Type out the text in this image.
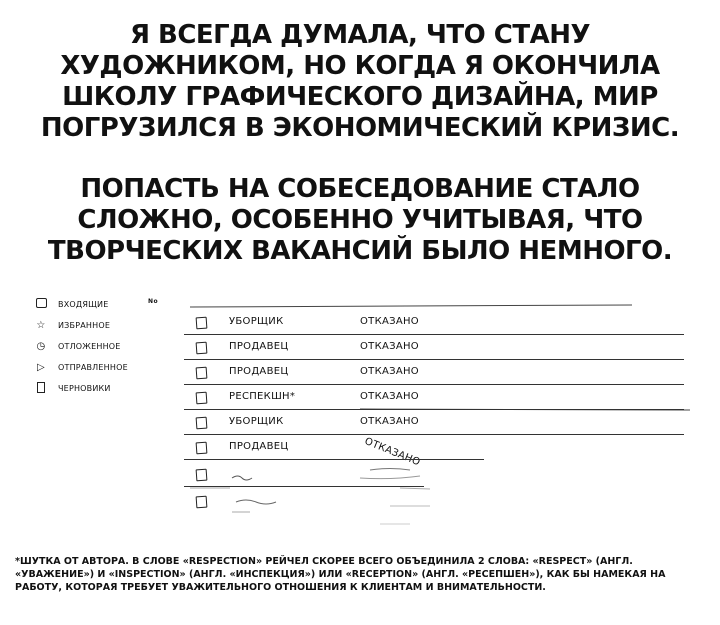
Я ВСЕГДА ДУМАЛА, ЧТО СТАНУ ХУДОЖНИКОМ, НО КОГДА Я ОКОНЧИЛА ШКОЛУ ГРАФИЧЕСКОГО ДИЗАЙНА, МИР ПОГРУЗИЛСЯ В ЭКОНОМИЧЕСКИЙ КРИЗИС.
ПОПАСТЬ НА СОБЕСЕДОВАНИЕ СТАЛО СЛОЖНО, ОСОБЕННО УЧИТЫВАЯ, ЧТО ТВОРЧЕСКИХ ВАКАНСИЙ БЫЛО НЕМНОГО.
ВХОДЯЩИЕ
☆ ИЗБРАННОЕ
◷ ОТЛОЖЕННОЕ
▷ ОТПРАВЛЕННОЕ
ЧЕРНОВИКИ
No
УБОРЩИК	ОТКАЗАНО
ПРОДАВЕЦ	ОТКАЗАНО
ПРОДАВЕЦ	ОТКАЗАНО
РЕСПЕКШН*	ОТКАЗАНО
УБОРЩИК	ОТКАЗАНО
ПРОДАВЕЦ	ОТКАЗАНО
*ШУТКА ОТ АВТОРА. В СЛОВЕ «RESPECTION» РЕЙЧЕЛ СКОРЕЕ ВСЕГО ОБЪЕДИНИЛА 2 СЛОВА: «RESPECT» (АНГЛ. «УВАЖЕНИЕ») И «INSPECTION» (АНГЛ. «ИНСПЕКЦИЯ») ИЛИ «RECEPTION» (АНГЛ. «РЕСЕПШЕН»), КАК БЫ НАМЕКАЯ НА РАБОТУ, КОТОРАЯ ТРЕБУЕТ УВАЖИТЕЛЬНОГО ОТНОШЕНИЯ К КЛИЕНТАМ И ВНИМАТЕЛЬНОСТИ.
